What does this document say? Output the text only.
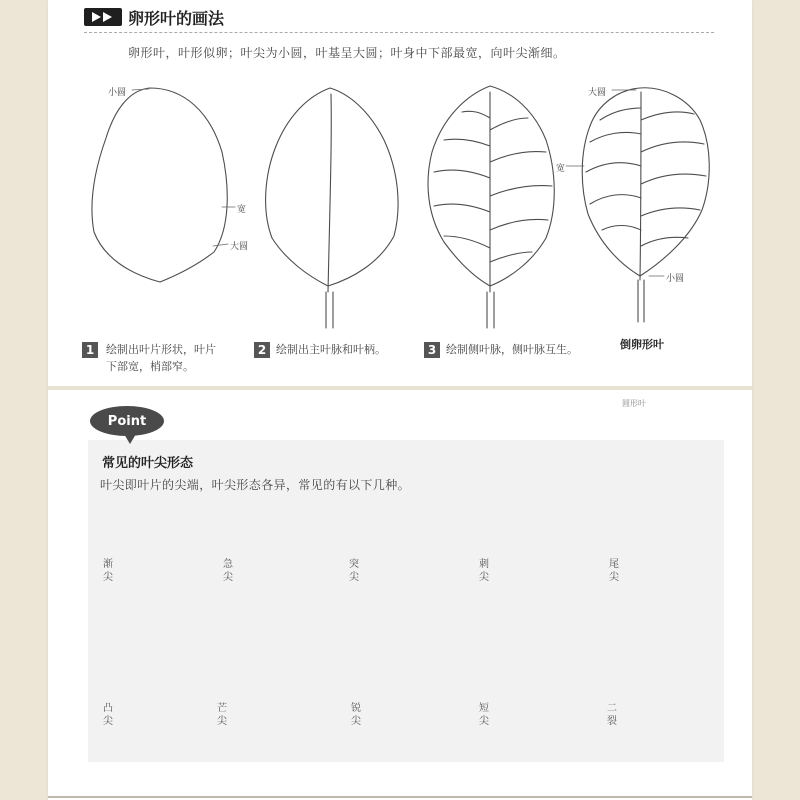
卵形叶的画法
卵形叶，叶形似卵；叶尖为小圆，叶基呈大圆；叶身中下部最宽，向叶尖渐细。
小圆
宽
大圆
大圆
宽
小圆
1	绘制出叶片形状，叶片
下部宽，梢部窄。
2 绘制出主叶脉和叶柄。	3 绘制侧叶脉，侧叶脉互生。	倒卵形叶
圆形叶
Point
常见的叶尖形态
叶尖即叶片的尖端，叶尖形态各异，常见的有以下几种。
渐尖
急尖
突尖
刺尖
尾尖
凸尖
芒尖
锐尖
短尖
二裂
